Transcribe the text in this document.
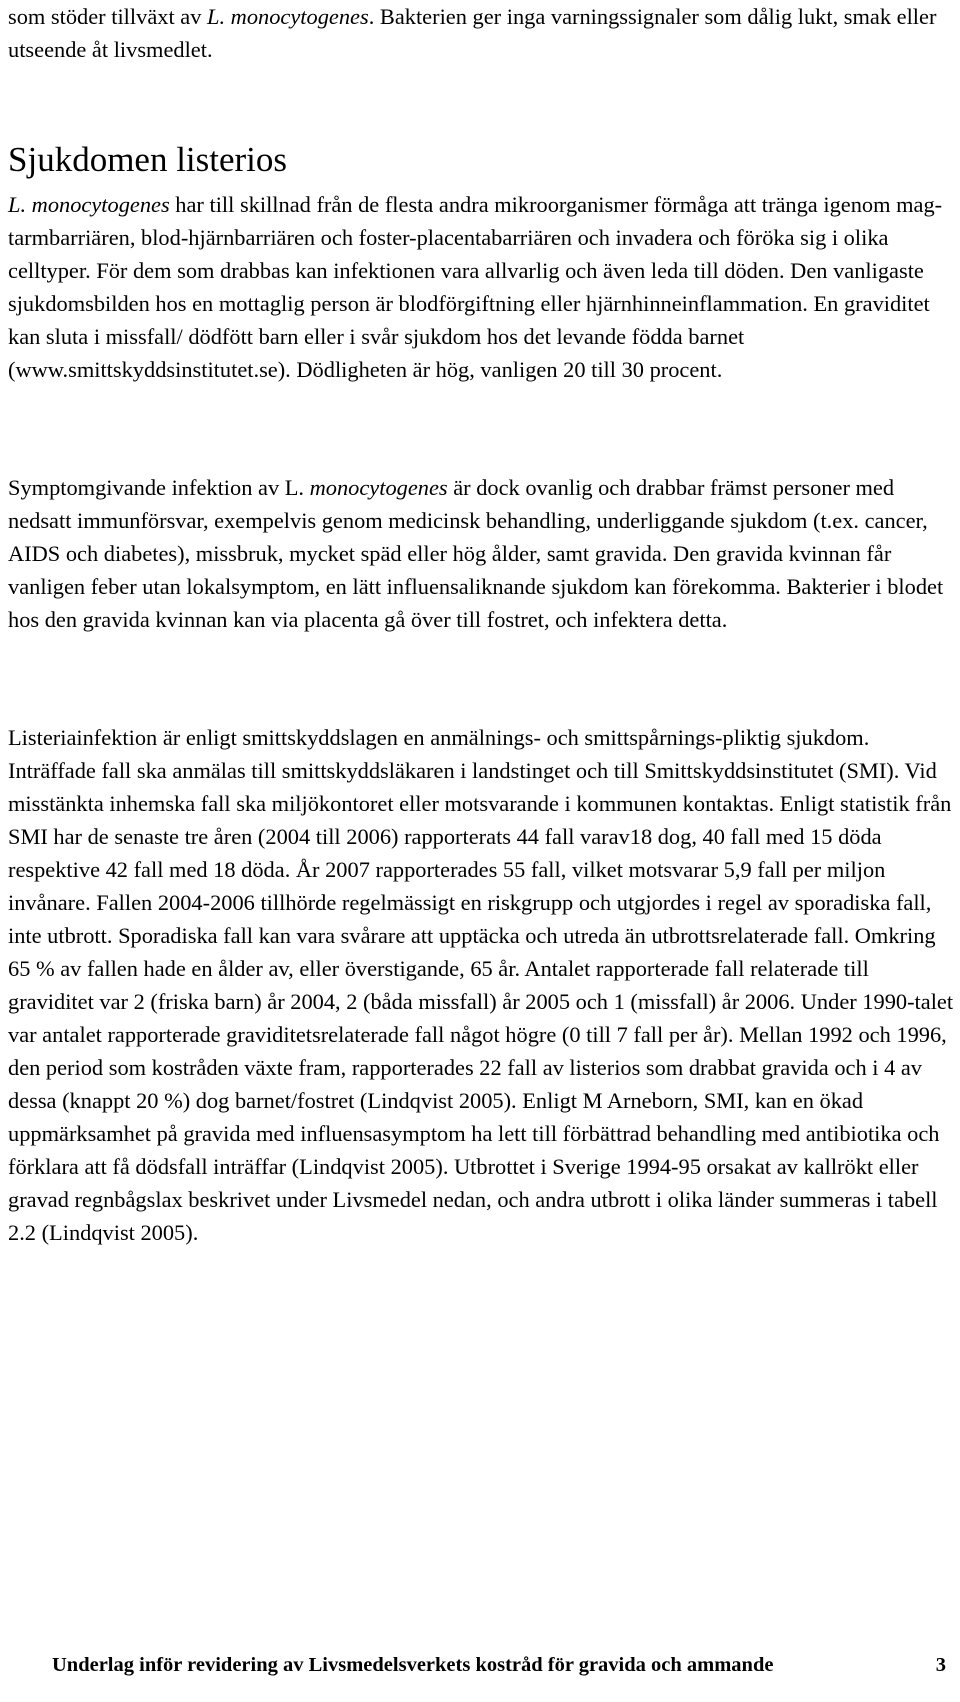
som stöder tillväxt av L. monocytogenes. Bakterien ger inga varningssignaler som dålig lukt, smak eller utseende åt livsmedlet.

Sjukdomen listerios

L. monocytogenes har till skillnad från de flesta andra mikroorganismer förmåga att tränga igenom mag-tarmbarriären, blod-hjärnbarriären och foster-placentabarriären och invadera och föröka sig i olika celltyper. För dem som drabbas kan infektionen vara allvarlig och även leda till döden. Den vanligaste sjukdomsbilden hos en mottaglig person är blodförgiftning eller hjärnhinneinflammation. En graviditet kan sluta i missfall/ dödfött barn eller i svår sjukdom hos det levande födda barnet (www.smittskyddsinstitutet.se). Dödligheten är hög, vanligen 20 till 30 procent.

Symptomgivande infektion av L. monocytogenes är dock ovanlig och drabbar främst personer med nedsatt immunförsvar, exempelvis genom medicinsk behandling, underliggande sjukdom (t.ex. cancer, AIDS och diabetes), missbruk, mycket späd eller hög ålder, samt gravida. Den gravida kvinnan får vanligen feber utan lokalsymptom, en lätt influensaliknande sjukdom kan förekomma. Bakterier i blodet hos den gravida kvinnan kan via placenta gå över till fostret, och infektera detta.

Listeriainfektion är enligt smittskyddslagen en anmälnings- och smittspårnings-pliktig sjukdom. Inträffade fall ska anmälas till smittskyddsläkaren i landstinget och till Smittskyddsinstitutet (SMI). Vid misstänkta inhemska fall ska miljökontoret eller motsvarande i kommunen kontaktas. Enligt statistik från SMI har de senaste tre åren (2004 till 2006) rapporterats 44 fall varav18 dog, 40 fall med 15 döda respektive 42 fall med 18 döda. År 2007 rapporterades 55 fall, vilket motsvarar 5,9 fall per miljon invånare. Fallen 2004-2006 tillhörde regelmässigt en riskgrupp och utgjordes i regel av sporadiska fall, inte utbrott. Sporadiska fall kan vara svårare att upptäcka och utreda än utbrottsrelaterade fall. Omkring 65 % av fallen hade en ålder av, eller överstigande, 65 år. Antalet rapporterade fall relaterade till graviditet var 2 (friska barn) år 2004, 2 (båda missfall) år 2005 och 1 (missfall) år 2006. Under 1990-talet var antalet rapporterade graviditetsrelaterade fall något högre (0 till 7 fall per år). Mellan 1992 och 1996, den period som kostråden växte fram, rapporterades 22 fall av listerios som drabbat gravida och i 4 av dessa (knappt 20 %) dog barnet/fostret (Lindqvist 2005). Enligt M Arneborn, SMI, kan en ökad uppmärksamhet på gravida med influensasymptom ha lett till förbättrad behandling med antibiotika och förklara att få dödsfall inträffar (Lindqvist 2005). Utbrottet i Sverige 1994-95 orsakat av kallrökt eller gravad regnbågslax beskrivet under Livsmedel nedan, och andra utbrott i olika länder summeras i tabell 2.2 (Lindqvist 2005).

Underlag inför revidering av Livsmedelsverkets kostråd för gravida och ammande	3
